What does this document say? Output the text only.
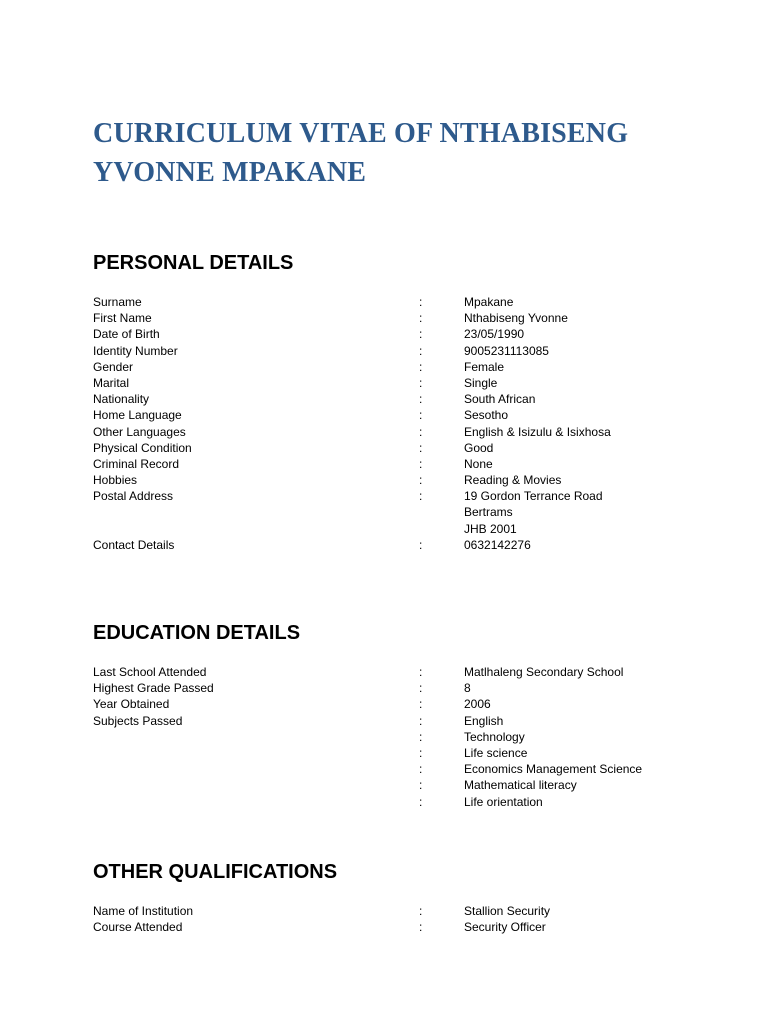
CURRICULUM VITAE OF NTHABISENG YVONNE MPAKANE
PERSONAL DETAILS
Surname	:	Mpakane
First Name	:	Nthabiseng Yvonne
Date of Birth	:	23/05/1990
Identity Number	:	9005231113085
Gender	:	Female
Marital	:	Single
Nationality	:	South African
Home Language	:	Sesotho
Other Languages	:	English & Isizulu & Isixhosa
Physical Condition	:	Good
Criminal Record	:	None
Hobbies	:	Reading & Movies
Postal Address	:	19 Gordon Terrance Road
Bertrams
JHB 2001
Contact Details	:	0632142276
EDUCATION DETAILS
Last School Attended	:	Matlhaleng Secondary School
Highest Grade Passed	:	8
Year Obtained	:	2006
Subjects Passed	:	English
:	Technology
:	Life science
:	Economics Management Science
:	Mathematical literacy
:	Life orientation
OTHER QUALIFICATIONS
Name of Institution	:	Stallion Security
Course Attended	:	Security Officer
